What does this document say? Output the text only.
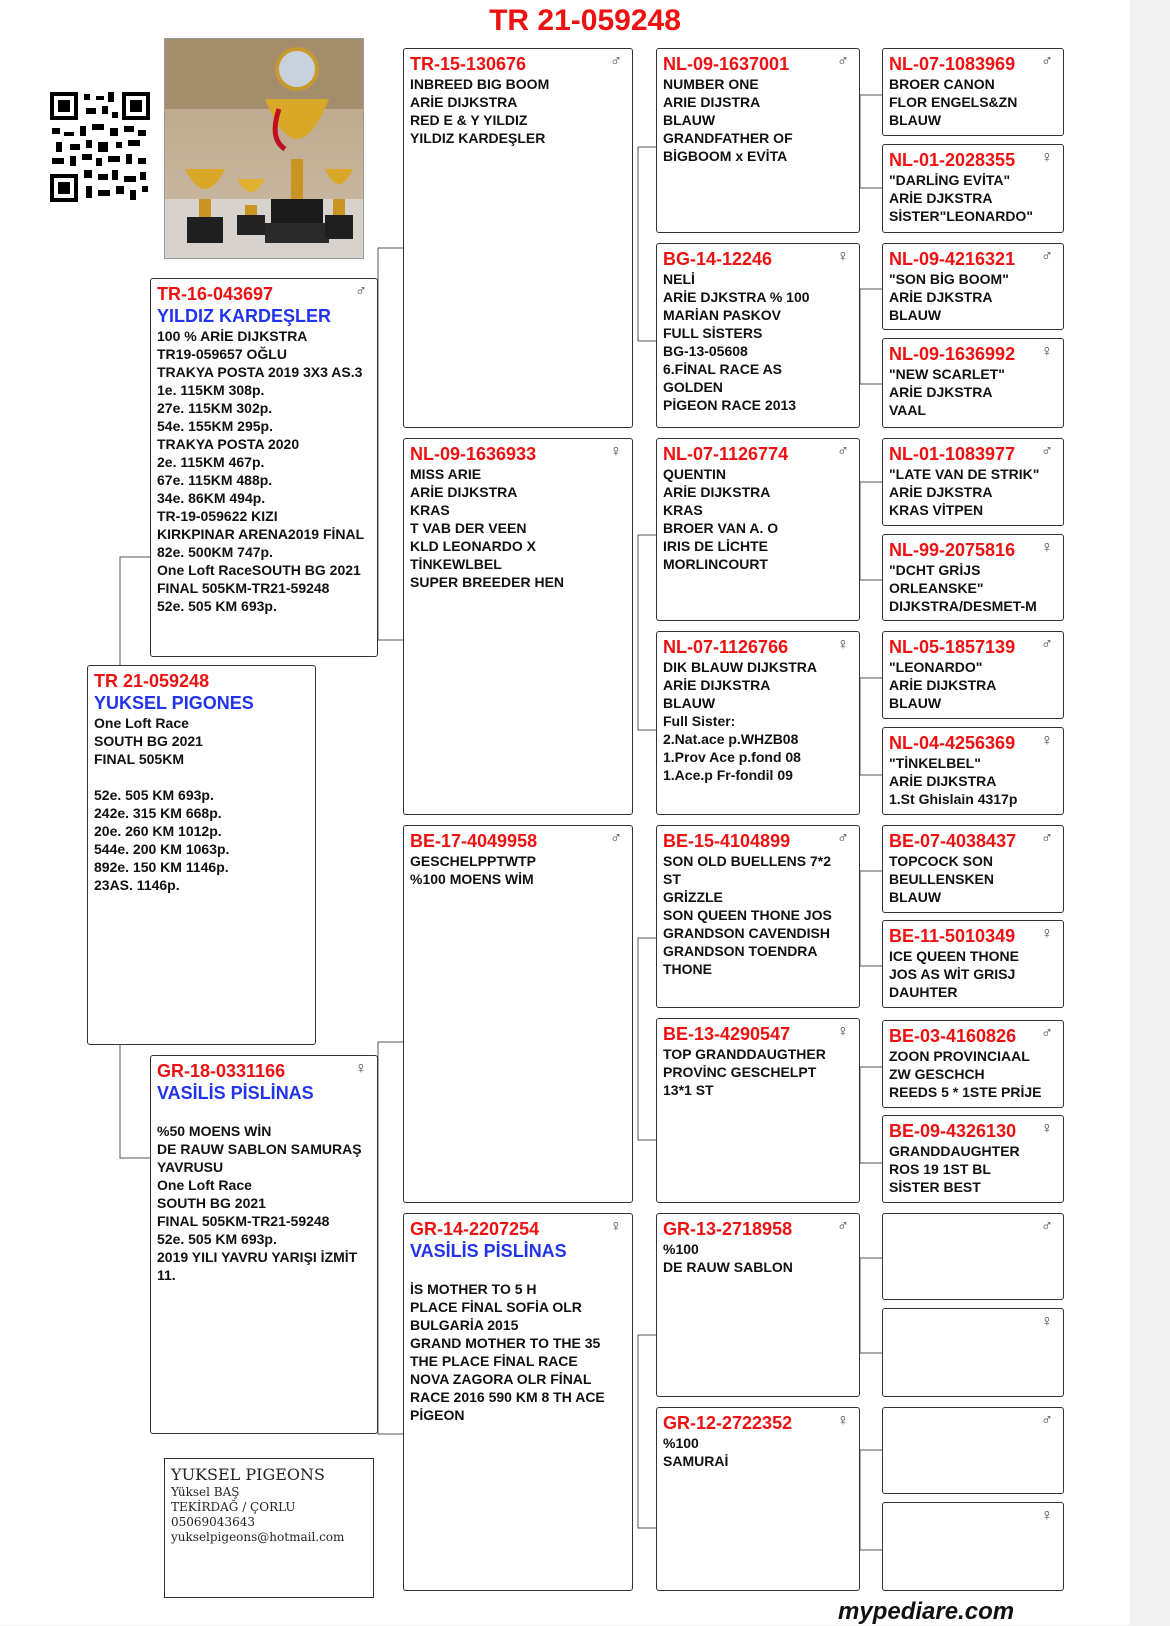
TR 21-059248
TR 21-059248
YUKSEL PIGONES
One Loft Race
SOUTH BG 2021
FINAL 505KM

52e. 505 KM 693p.
242e. 315 KM 668p.
20e. 260 KM 1012p.
544e. 200 KM 1063p.
892e. 150 KM 1146p.
23AS. 1146p.
♂
TR-16-043697
YILDIZ KARDEŞLER
100 % ARİE DIJKSTRA
TR19-059657 OĞLU
TRAKYA POSTA 2019 3X3 AS.3
1e. 115KM 308p.
27e. 115KM 302p.
54e. 155KM 295p.
TRAKYA POSTA 2020
2e. 115KM 467p.
67e. 115KM 488p.
34e. 86KM 494p.
TR-19-059622 KIZI
KIRKPINAR ARENA2019 FİNAL
82e. 500KM 747p.
One Loft RaceSOUTH BG 2021
FINAL 505KM-TR21-59248
52e. 505 KM 693p.
♀
GR-18-0331166
VASİLİS PİSLİNAS

%50 MOENS WİN
DE RAUW SABLON SAMURAŞ
YAVRUSU
One Loft Race
SOUTH BG 2021
FINAL 505KM-TR21-59248
52e. 505 KM 693p.
2019 YILI YAVRU YARIŞI İZMİT
11.
♂
TR-15-130676
INBREED BIG BOOM
ARİE DIJKSTRA
RED E & Y YILDIZ
YILDIZ KARDEŞLER
♀
NL-09-1636933
MISS ARIE
ARİE DIJKSTRA
KRAS
T VAB DER VEEN
KLD LEONARDO X
TİNKEWLBEL
SUPER BREEDER HEN
♂
BE-17-4049958
GESCHELPPTWTP
%100 MOENS WİM
♀
GR-14-2207254
VASİLİS PİSLİNAS

İS MOTHER TO 5 H
PLACE FİNAL SOFİA OLR
BULGARİA 2015
GRAND MOTHER TO THE 35
THE PLACE FİNAL RACE
NOVA ZAGORA OLR FİNAL
RACE 2016 590 KM 8 TH ACE
PİGEON
♂
NL-09-1637001
NUMBER ONE
ARIE DIJSTRA
BLAUW
GRANDFATHER OF
BİGBOOM x EVİTA
♀
BG-14-12246
NELİ
ARİE DJKSTRA % 100
MARİAN PASKOV
FULL SİSTERS
BG-13-05608
6.FİNAL RACE AS
GOLDEN
PİGEON RACE 2013
♂
NL-07-1126774
QUENTIN
ARİE DIJKSTRA
KRAS
BROER VAN A. O
IRIS DE LİCHTE
MORLINCOURT
♀
NL-07-1126766
DIK BLAUW DIJKSTRA
ARİE DIJKSTRA
BLAUW
Full Sister:
2.Nat.ace p.WHZB08
1.Prov Ace p.fond 08
1.Ace.p Fr-fondil 09
♂
BE-15-4104899
SON OLD BUELLENS 7*2
ST
GRİZZLE
SON QUEEN THONE JOS
GRANDSON CAVENDISH
GRANDSON TOENDRA
THONE
♀
BE-13-4290547
TOP GRANDDAUGTHER
PROVİNC GESCHELPT
13*1 ST
♂
GR-13-2718958
%100
DE RAUW SABLON
♀
GR-12-2722352
%100
SAMURAİ
♂
NL-07-1083969
BROER CANON
FLOR ENGELS&ZN
BLAUW
♀
NL-01-2028355
"DARLİNG EVİTA"
ARİE DJKSTRA
SİSTER"LEONARDO"
♂
NL-09-4216321
"SON BİG BOOM"
ARİE DJKSTRA
BLAUW
♀
NL-09-1636992
"NEW SCARLET"
ARİE DJKSTRA
VAAL
♂
NL-01-1083977
"LATE VAN DE STRIK"
ARİE DJKSTRA
KRAS VİTPEN
♀
NL-99-2075816
"DCHT GRİJS
ORLEANSKE"
DIJKSTRA/DESMET-M
♂
NL-05-1857139
"LEONARDO"
ARİE DIJKSTRA
BLAUW
♀
NL-04-4256369
"TİNKELBEL"
ARİE DIJKSTRA
1.St Ghislain 4317p
♂
BE-07-4038437
TOPCOCK SON
BEULLENSKEN
BLAUW
♀
BE-11-5010349
ICE QUEEN THONE
JOS AS WİT GRISJ
DAUHTER
♂
BE-03-4160826
ZOON PROVINCIAAL
ZW GESCHCH
REEDS 5 * 1STE PRİJE
♀
BE-09-4326130
GRANDDAUGHTER
ROS 19 1ST BL
SİSTER BEST
♂
♀
♂
♀
YUKSEL PIGEONS
Yüksel BAŞ
TEKİRDAĞ / ÇORLU
05069043643
yukselpigeons@hotmail.com
mypediare.com
